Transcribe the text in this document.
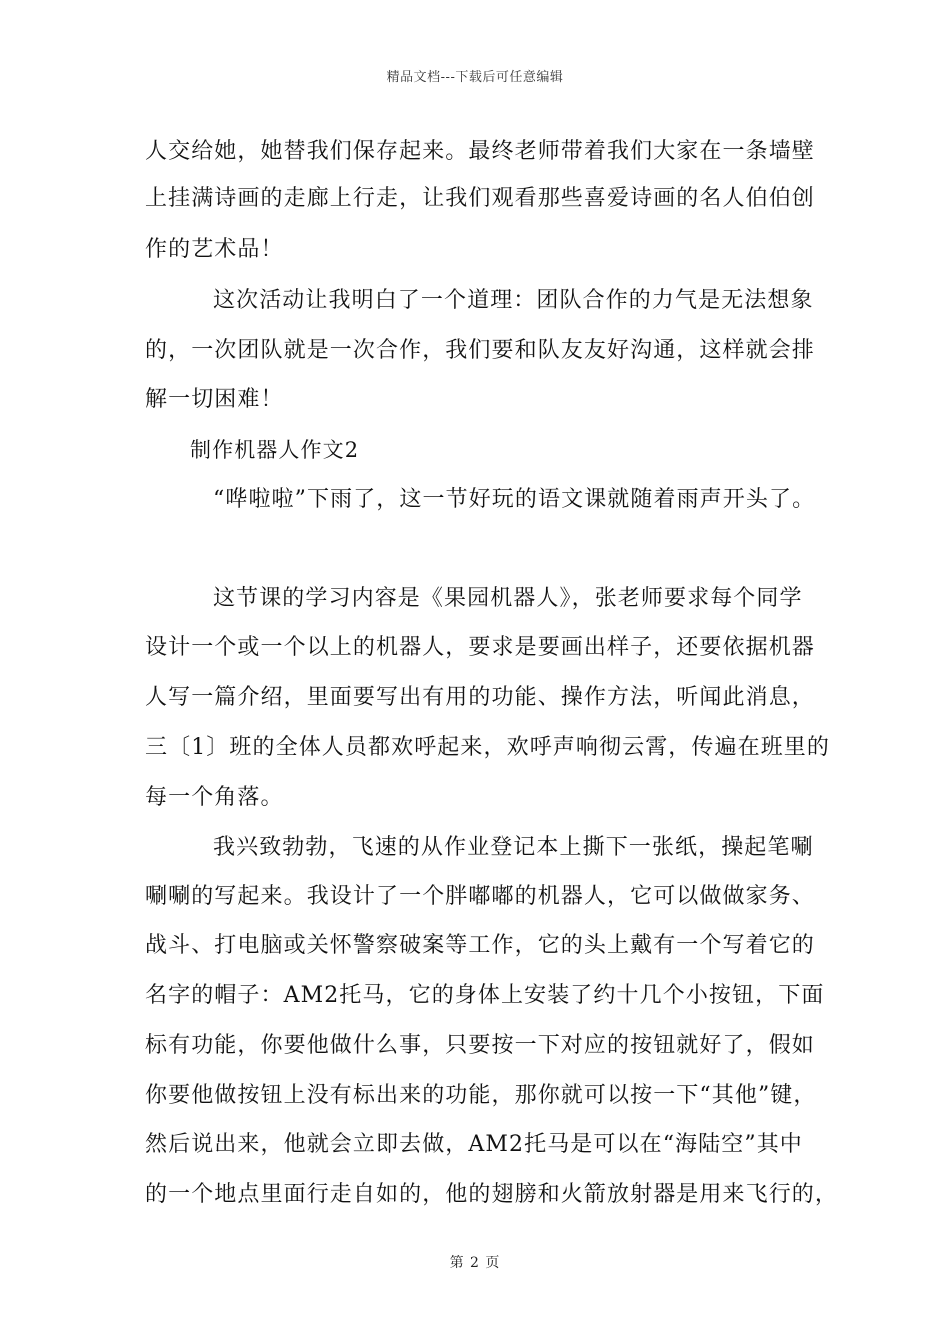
精品文档---下载后可任意编辑
人交给她，她替我们保存起来。最终老师带着我们大家在一条墙壁
上挂满诗画的走廊上行走，让我们观看那些喜爱诗画的名人伯伯创
作的艺术品！
这次活动让我明白了一个道理：团队合作的力气是无法想象
的，一次团队就是一次合作，我们要和队友友好沟通，这样就会排
解一切困难！
制作机器人作文2
“哗啦啦”下雨了，这一节好玩的语文课就随着雨声开头了。
这节课的学习内容是《果园机器人》，张老师要求每个同学
设计一个或一个以上的机器人，要求是要画出样子，还要依据机器
人写一篇介绍，里面要写出有用的功能、操作方法，听闻此消息，
三〔1〕班的全体人员都欢呼起来，欢呼声响彻云霄，传遍在班里的
每一个角落。
我兴致勃勃，飞速的从作业登记本上撕下一张纸，操起笔唰
唰唰的写起来。我设计了一个胖嘟嘟的机器人，它可以做做家务、
战斗、打电脑或关怀警察破案等工作，它的头上戴有一个写着它的
名字的帽子：AM2托马，它的身体上安装了约十几个小按钮，下面
标有功能，你要他做什么事，只要按一下对应的按钮就好了，假如
你要他做按钮上没有标出来的功能，那你就可以按一下“其他”键，
然后说出来，他就会立即去做，AM2托马是可以在“海陆空”其中
的一个地点里面行走自如的，他的翅膀和火箭放射器是用来飞行的，
第 2 页
